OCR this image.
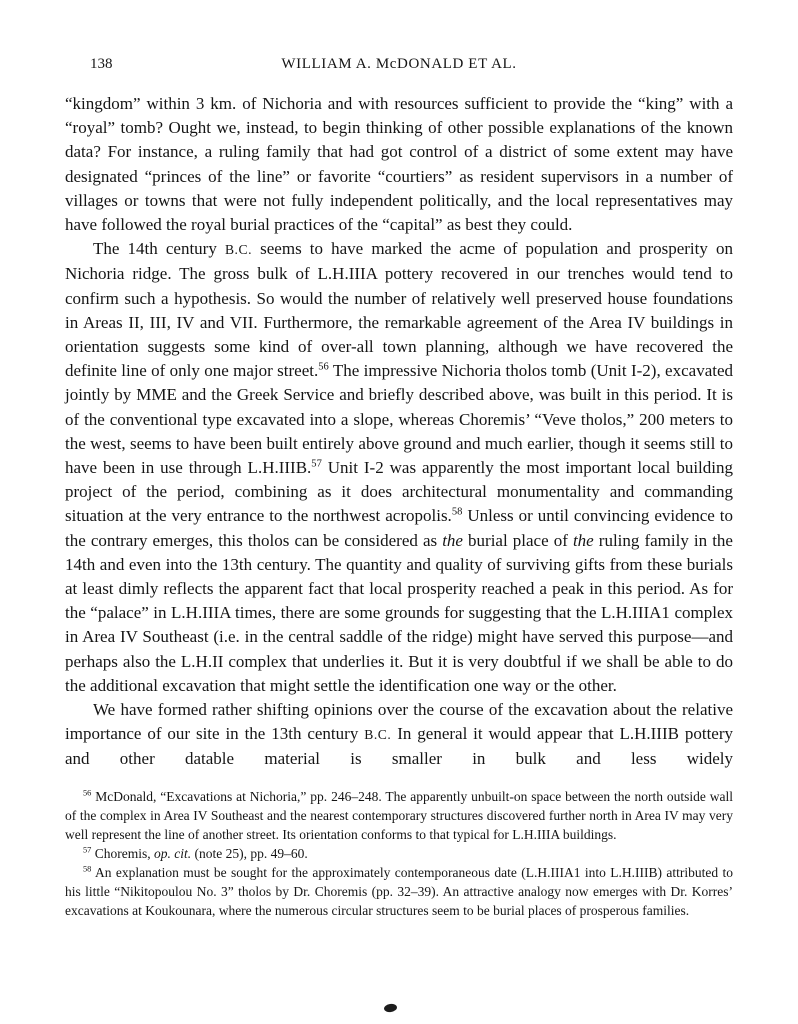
138	WILLIAM A. McDONALD ET AL.

“kingdom” within 3 km. of Nichoria and with resources sufficient to provide the “king” with a “royal” tomb? Ought we, instead, to begin thinking of other possible explanations of the known data? For instance, a ruling family that had got control of a district of some extent may have designated “princes of the line” or favorite “courtiers” as resident supervisors in a number of villages or towns that were not fully independent politically, and the local representatives may have followed the royal burial practices of the “capital” as best they could.

The 14th century B.C. seems to have marked the acme of population and prosperity on Nichoria ridge. The gross bulk of L.H.IIIA pottery recovered in our trenches would tend to confirm such a hypothesis. So would the number of relatively well preserved house foundations in Areas II, III, IV and VII. Furthermore, the remarkable agreement of the Area IV buildings in orientation suggests some kind of over-all town planning, although we have recovered the definite line of only one major street.$^{56}$ The impressive Nichoria tholos tomb (Unit I-2), excavated jointly by MME and the Greek Service and briefly described above, was built in this period. It is of the conventional type excavated into a slope, whereas Choremis’ “Veve tholos,” 200 meters to the west, seems to have been built entirely above ground and much earlier, though it seems still to have been in use through L.H.IIIB.$^{57}$ Unit I-2 was apparently the most important local building project of the period, combining as it does architectural monumentality and commanding situation at the very entrance to the northwest acropolis.$^{58}$ Unless or until convincing evidence to the contrary emerges, this tholos can be considered as the burial place of the ruling family in the 14th and even into the 13th century. The quantity and quality of surviving gifts from these burials at least dimly reflects the apparent fact that local prosperity reached a peak in this period. As for the “palace” in L.H.IIIA times, there are some grounds for suggesting that the L.H.IIIA1 complex in Area IV Southeast (i.e. in the central saddle of the ridge) might have served this purpose—and perhaps also the L.H.II complex that underlies it. But it is very doubtful if we shall be able to do the additional excavation that might settle the identification one way or the other.

We have formed rather shifting opinions over the course of the excavation about the relative importance of our site in the 13th century B.C. In general it would appear that L.H.IIIB pottery and other datable material is smaller in bulk and less widely

$^{56}$ McDonald, “Excavations at Nichoria,” pp. 246–248. The apparently unbuilt-on space between the north outside wall of the complex in Area IV Southeast and the nearest contemporary structures discovered further north in Area IV may very well represent the line of another street. Its orientation conforms to that typical for L.H.IIIA buildings.

$^{57}$ Choremis, op. cit. (note 25), pp. 49–60.

$^{58}$ An explanation must be sought for the approximately contemporaneous date (L.H.IIIA1 into L.H.IIIB) attributed to his little “Nikitopoulou No. 3” tholos by Dr. Choremis (pp. 32–39). An attractive analogy now emerges with Dr. Korres’ excavations at Koukounara, where the numerous circular structures seem to be burial places of prosperous families.
